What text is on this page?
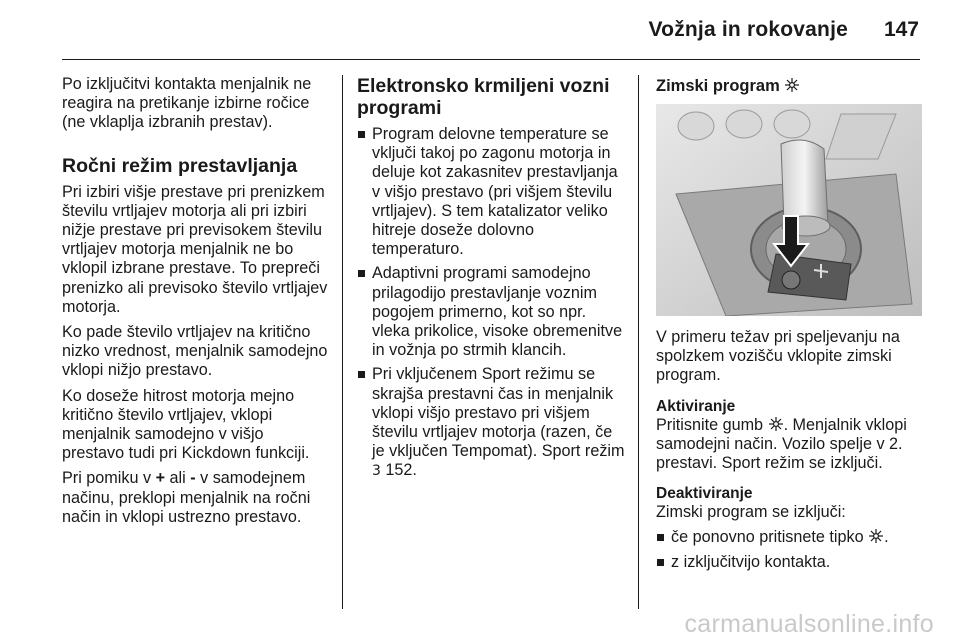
Vožnja in rokovanje 147

Po izključitvi kontakta menjalnik ne reagira na pretikanje izbirne ročice (ne vklaplja izbranih prestav).

Ročni režim prestavljanja

Pri izbiri višje prestave pri prenizkem številu vrtljajev motorja ali pri izbiri nižje prestave pri previsokem številu vrtljajev motorja menjalnik ne bo vklopil izbrane prestave. To prepreči prenizko ali previsoko število vrtljajev motorja.

Ko pade število vrtljajev na kritično nizko vrednost, menjalnik samodejno vklopi nižjo prestavo.

Ko doseže hitrost motorja mejno kritično število vrtljajev, vklopi menjalnik samodejno v višjo prestavo tudi pri Kickdown funkciji.

Pri pomiku v + ali - v samodejnem načinu, preklopi menjalnik na ročni način in vklopi ustrezno prestavo.

Elektronsko krmiljeni vozni programi
Program delovne temperature se vključi takoj po zagonu motorja in deluje kot zakasnitev prestavljanja v višjo prestavo (pri višjem številu vrtljajev). S tem katalizator veliko hitreje doseže dolovno temperaturo.
Adaptivni programi samodejno prilagodijo prestavljanje voznim pogojem primerno, kot so npr. vleka prikolice, visoke obremenitve in vožnja po strmih klancih.
Pri vključenem Sport režimu se skrajša prestavni čas in menjalnik vklopi višjo prestavo pri višjem številu vrtljajev motorja (razen, če je vključen Tempomat). Sport režim 3 152.
Zimski program

V primeru težav pri speljevanju na spolzkem vozišču vklopite zimski program.

Aktiviranje

Pritisnite gumb
. Menjalnik vklopi samodejni način. Vozilo spelje v 2. prestavi. Sport režim se izključi.

Deaktiviranje

Zimski program se izključi:

če ponovno pritisnete tipko
.
z izključitvijo kontakta.
carmanualsonline.info
